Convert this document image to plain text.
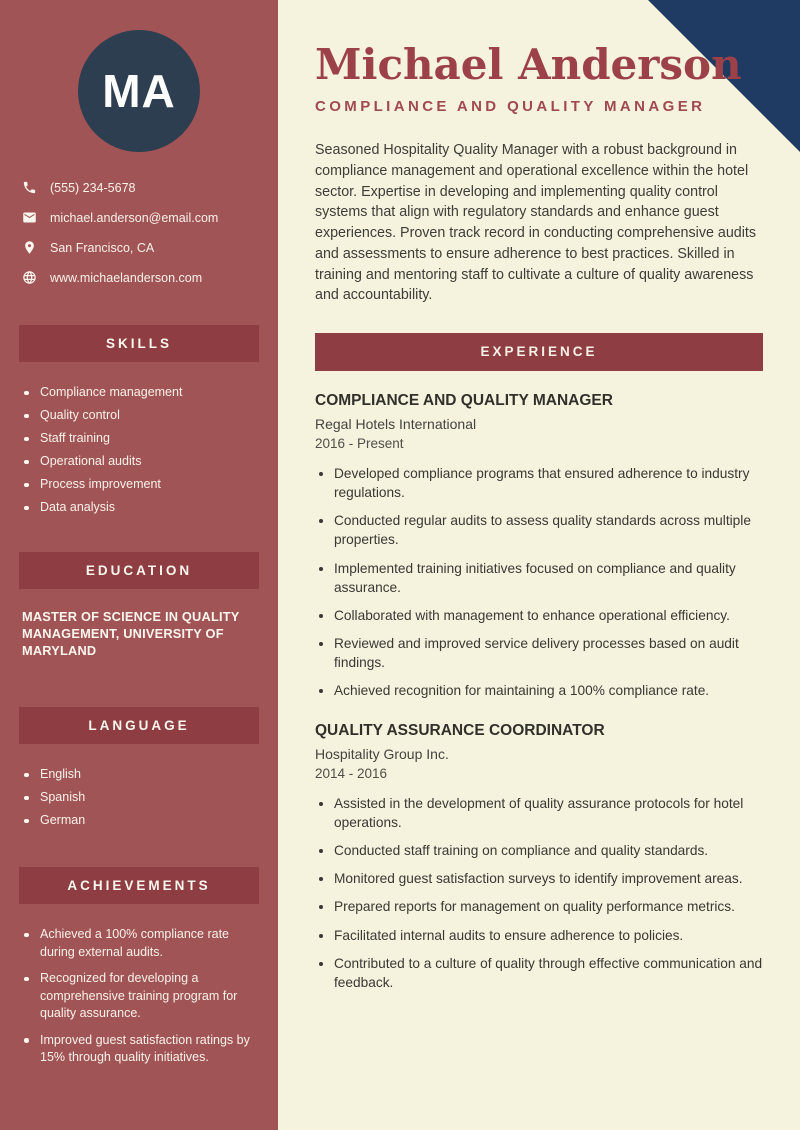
MA
(555) 234-5678
michael.anderson@email.com
San Francisco, CA
www.michaelanderson.com
SKILLS
Compliance management
Quality control
Staff training
Operational audits
Process improvement
Data analysis
EDUCATION
MASTER OF SCIENCE IN QUALITY MANAGEMENT, UNIVERSITY OF MARYLAND
LANGUAGE
English
Spanish
German
ACHIEVEMENTS
Achieved a 100% compliance rate during external audits.
Recognized for developing a comprehensive training program for quality assurance.
Improved guest satisfaction ratings by 15% through quality initiatives.
Michael Anderson
COMPLIANCE AND QUALITY MANAGER

Seasoned Hospitality Quality Manager with a robust background in compliance management and operational excellence within the hotel sector. Expertise in developing and implementing quality control systems that align with regulatory standards and enhance guest experiences. Proven track record in conducting comprehensive audits and assessments to ensure adherence to best practices. Skilled in training and mentoring staff to cultivate a culture of quality awareness and accountability.

EXPERIENCE
COMPLIANCE AND QUALITY MANAGER
Regal Hotels International
2016 - Present
• Developed compliance programs that ensured adherence to industry regulations.
• Conducted regular audits to assess quality standards across multiple properties.
• Implemented training initiatives focused on compliance and quality assurance.
• Collaborated with management to enhance operational efficiency.
• Reviewed and improved service delivery processes based on audit findings.
• Achieved recognition for maintaining a 100% compliance rate.
QUALITY ASSURANCE COORDINATOR
Hospitality Group Inc.
2014 - 2016
• Assisted in the development of quality assurance protocols for hotel operations.
• Conducted staff training on compliance and quality standards.
• Monitored guest satisfaction surveys to identify improvement areas.
• Prepared reports for management on quality performance metrics.
• Facilitated internal audits to ensure adherence to policies.
• Contributed to a culture of quality through effective communication and feedback.
